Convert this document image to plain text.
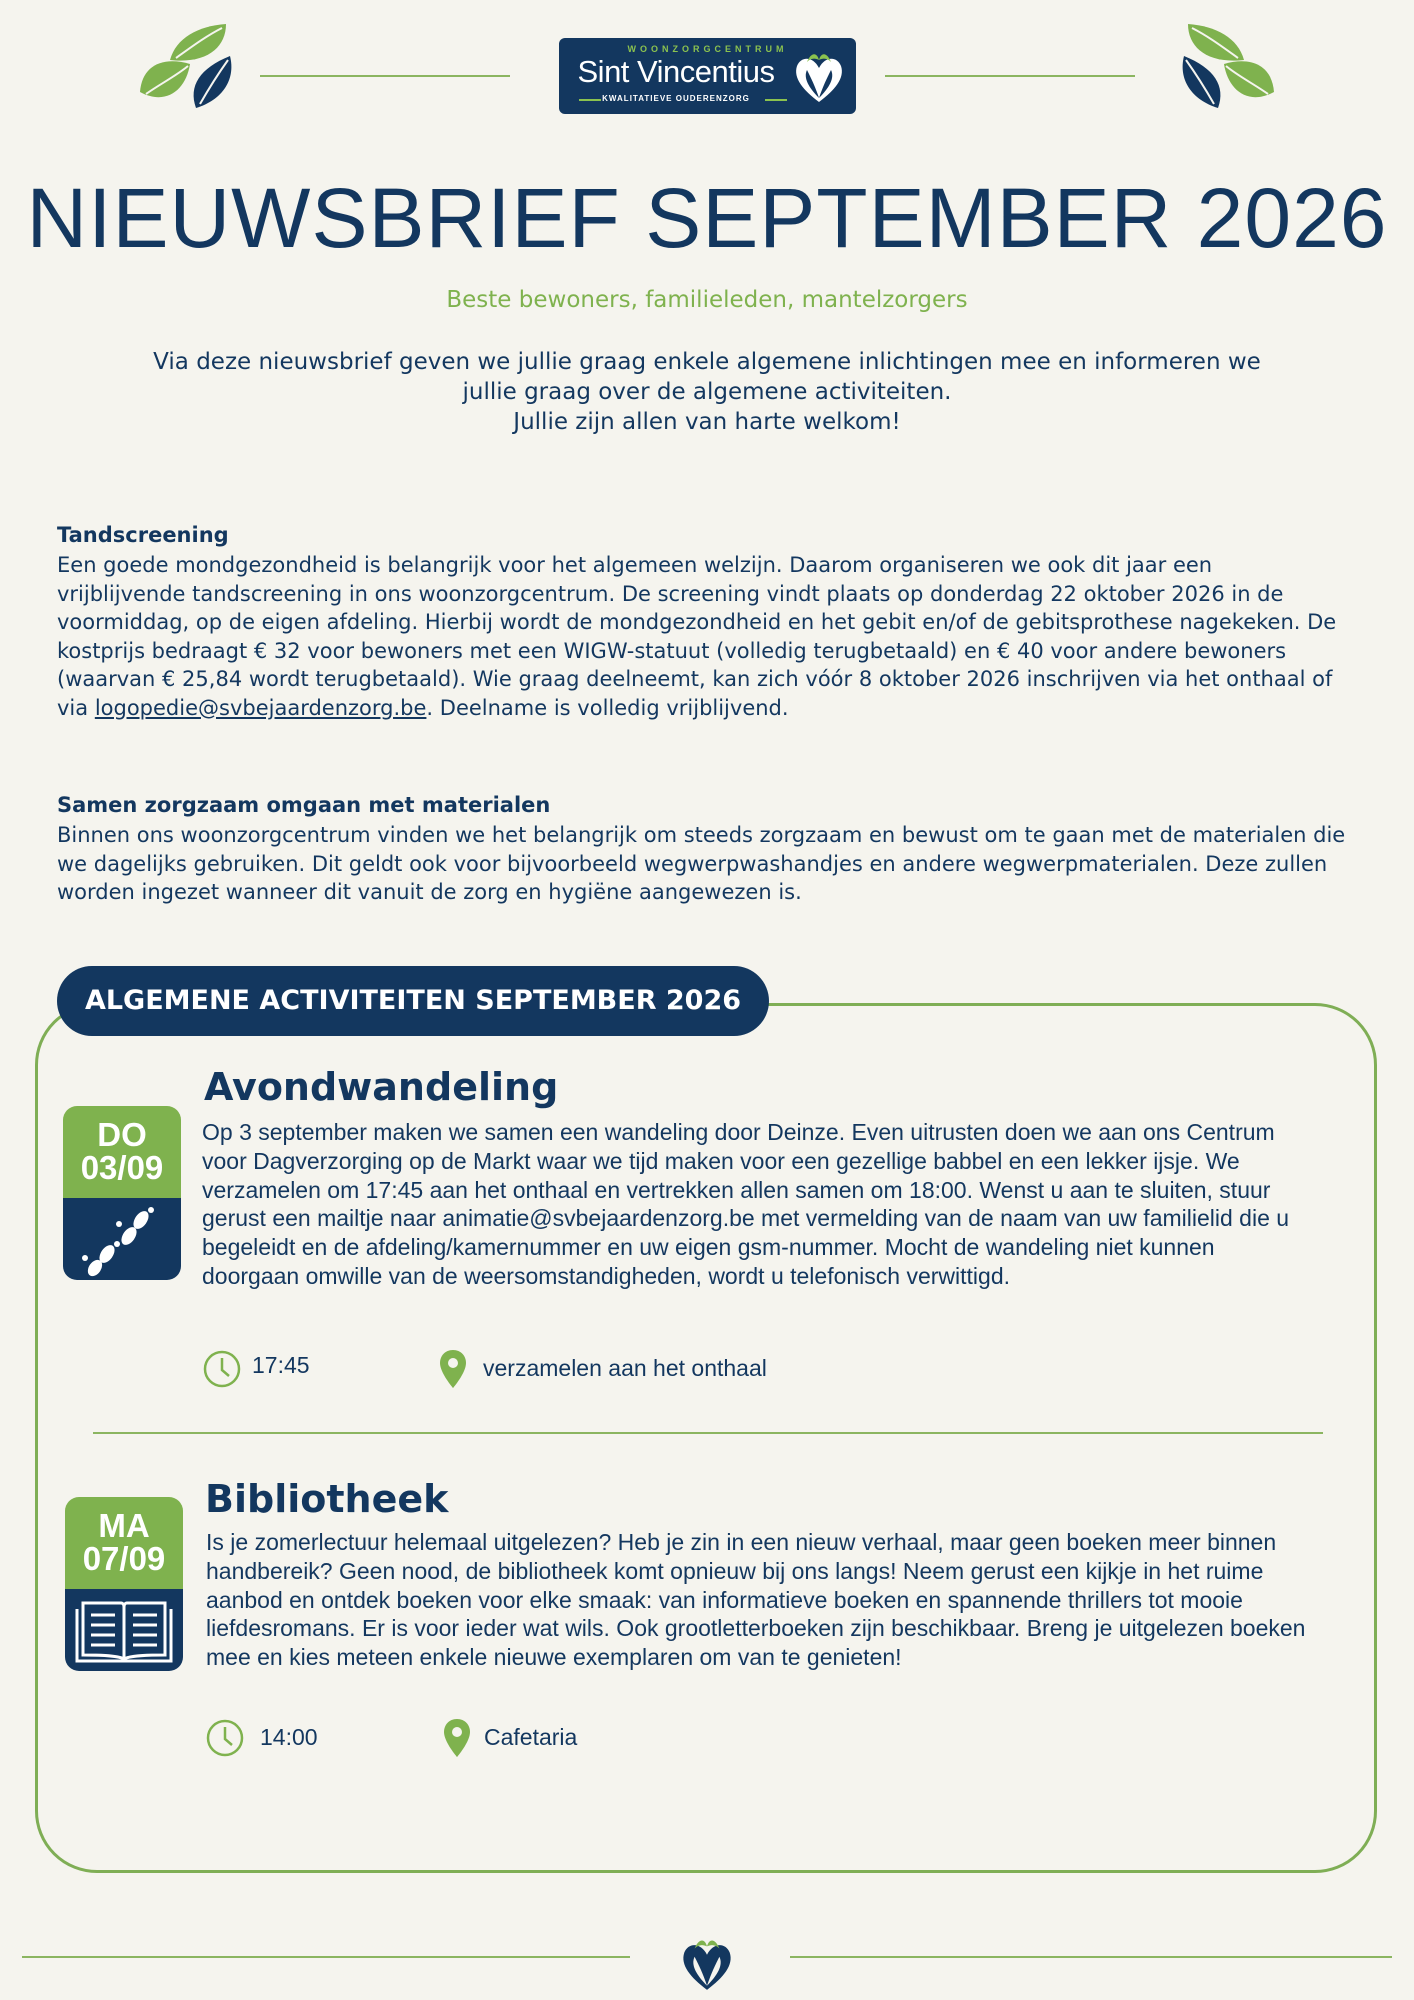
WOONZORGCENTRUM
Sint Vincentius
KWALITATIEVE OUDERENZORG
NIEUWSBRIEF SEPTEMBER 2026
Beste bewoners, familieleden, mantelzorgers
Via deze nieuwsbrief geven we jullie graag enkele algemene inlichtingen mee en informeren we
jullie graag over de algemene activiteiten.
Jullie zijn allen van harte welkom!
Tandscreening

Een goede mondgezondheid is belangrijk voor het algemeen welzijn. Daarom organiseren we ook dit jaar een vrijblijvende tandscreening in ons woonzorgcentrum. De screening vindt plaats op donderdag 22 oktober 2026 in de voormiddag, op de eigen afdeling. Hierbij wordt de mondgezondheid en het gebit en/of de gebitsprothese nagekeken. De kostprijs bedraagt € 32 voor bewoners met een WIGW-statuut (volledig terugbetaald) en € 40 voor andere bewoners (waarvan € 25,84 wordt terugbetaald). Wie graag deelneemt, kan zich vóór 8 oktober 2026 inschrijven via het onthaal of via logopedie@svbejaardenzorg.be. Deelname is volledig vrijblijvend.

Samen zorgzaam omgaan met materialen

Binnen ons woonzorgcentrum vinden we het belangrijk om steeds zorgzaam en bewust om te gaan met de materialen die we dagelijks gebruiken. Dit geldt ook voor bijvoorbeeld wegwerpwashandjes en andere wegwerpmaterialen. Deze zullen worden ingezet wanneer dit vanuit de zorg en hygiëne aangewezen is.

ALGEMENE ACTIVITEITEN SEPTEMBER 2026
DO
03/09
Avondwandeling

Op 3 september maken we samen een wandeling door Deinze. Even uitrusten doen we aan ons Centrum voor Dagverzorging op de Markt waar we tijd maken voor een gezellige babbel en een lekker ijsje. We verzamelen om 17:45 aan het onthaal en vertrekken allen samen om 18:00. Wenst u aan te sluiten, stuur gerust een mailtje naar animatie@svbejaardenzorg.be met vermelding van de naam van uw familielid die u begeleidt en de afdeling/kamernummer en uw eigen gsm-nummer. Mocht de wandeling niet kunnen doorgaan omwille van de weersomstandigheden, wordt u telefonisch verwittigd.

17:45	verzamelen aan het onthaal
MA
07/09
Bibliotheek

Is je zomerlectuur helemaal uitgelezen? Heb je zin in een nieuw verhaal, maar geen boeken meer binnen handbereik? Geen nood, de bibliotheek komt opnieuw bij ons langs! Neem gerust een kijkje in het ruime aanbod en ontdek boeken voor elke smaak: van informatieve boeken en spannende thrillers tot mooie liefdesromans. Er is voor ieder wat wils. Ook grootletterboeken zijn beschikbaar. Breng je uitgelezen boeken mee en kies meteen enkele nieuwe exemplaren om van te genieten!

14:00	Cafetaria
